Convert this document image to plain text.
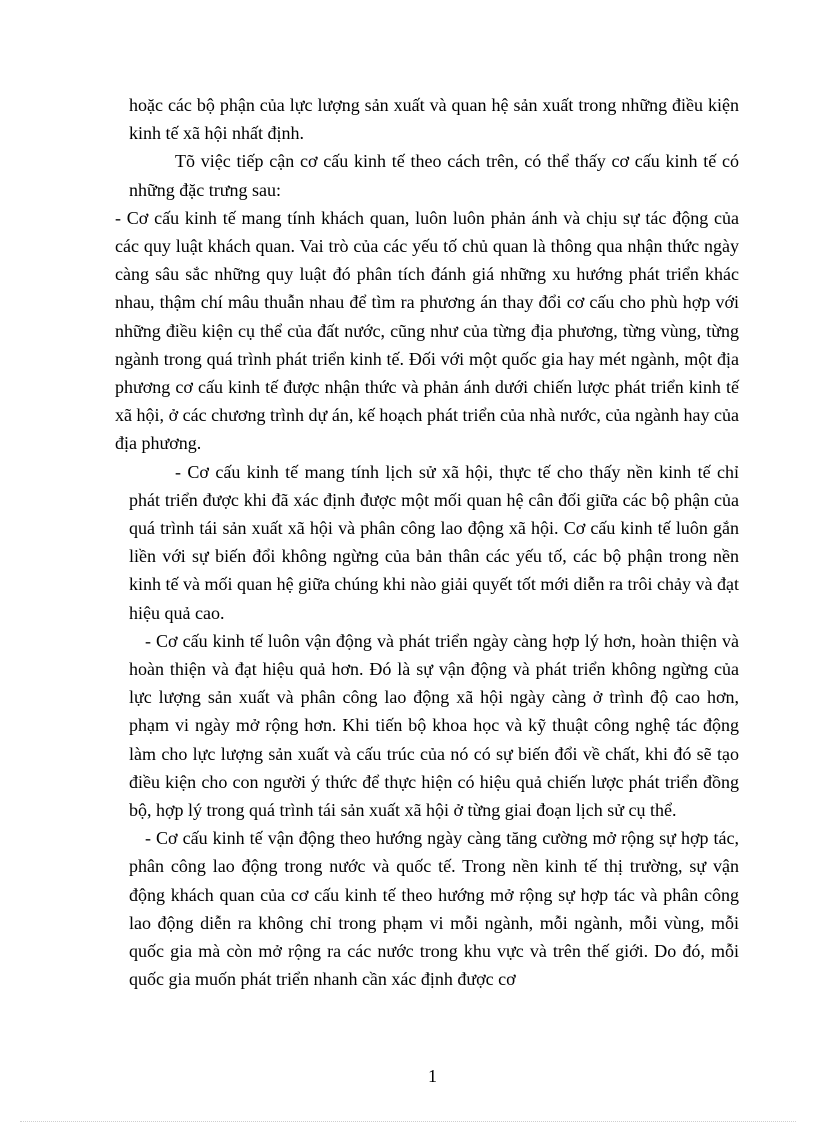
hoặc các bộ phận của lực lượng sản xuất và quan hệ sản xuất trong những điều kiện kinh tế xã hội nhất định.

Tõ việc tiếp cận cơ cấu kinh tế theo cách trên, có thể thấy cơ cấu kinh tế có những đặc trưng sau:

- Cơ cấu kinh tế mang tính khách quan, luôn luôn phản ánh và chịu sự tác động của các quy luật khách quan. Vai trò của các yếu tố chủ quan là thông qua nhận thức ngày càng sâu sắc những quy luật đó phân tích đánh giá những xu hướng phát triển khác nhau, thậm chí mâu thuẫn nhau để tìm ra phương án thay đổi cơ cấu cho phù hợp với những điều kiện cụ thể của đất nước, cũng như của từng địa phương, từng vùng, từng ngành trong quá trình phát triển kinh tế. Đối với một quốc gia hay mét ngành, một địa phương cơ cấu kinh tế được nhận thức và phản ánh dưới chiến lược phát triển kinh tế xã hội, ở các chương trình dự án, kế hoạch phát triển của nhà nước, của ngành hay của địa phương.

- Cơ cấu kinh tế mang tính lịch sử xã hội, thực tế cho thấy nền kinh tế chỉ phát triển được khi đã xác định được một mối quan hệ cân đối giữa các bộ phận của quá trình tái sản xuất xã hội và phân công lao động xã hội. Cơ cấu kinh tế luôn gắn liền với sự biến đổi không ngừng của bản thân các yếu tố, các bộ phận trong nền kinh tế và mối quan hệ giữa chúng khi nào giải quyết tốt mới diễn ra trôi chảy và đạt hiệu quả cao.

- Cơ cấu kinh tế luôn vận động và phát triển ngày càng hợp lý hơn, hoàn thiện và hoàn thiện và đạt hiệu quả hơn. Đó là sự vận động và phát triển không ngừng của lực lượng sản xuất và phân công lao động xã hội ngày càng ở trình độ cao hơn, phạm vi ngày mở rộng hơn. Khi tiến bộ khoa học và kỹ thuật công nghệ tác động làm cho lực lượng sản xuất và cấu trúc của nó có sự biến đổi về chất, khi đó sẽ tạo điều kiện cho con người ý thức để thực hiện có hiệu quả chiến lược phát triển đồng bộ, hợp lý trong quá trình tái sản xuất xã hội ở từng giai đoạn lịch sử cụ thể.

- Cơ cấu kinh tế vận động theo hướng ngày càng tăng cường mở rộng sự hợp tác, phân công lao động trong nước và quốc tế. Trong nền kinh tế thị trường, sự vận động khách quan của cơ cấu kinh tế theo hướng mở rộng sự hợp tác và phân công lao động diễn ra không chỉ trong phạm vi mỗi ngành, mỗi ngành, mỗi vùng, mỗi quốc gia mà còn mở rộng ra các nước trong khu vực và trên thế giới. Do đó, mỗi quốc gia muốn phát triển nhanh cần xác định được cơ

1
